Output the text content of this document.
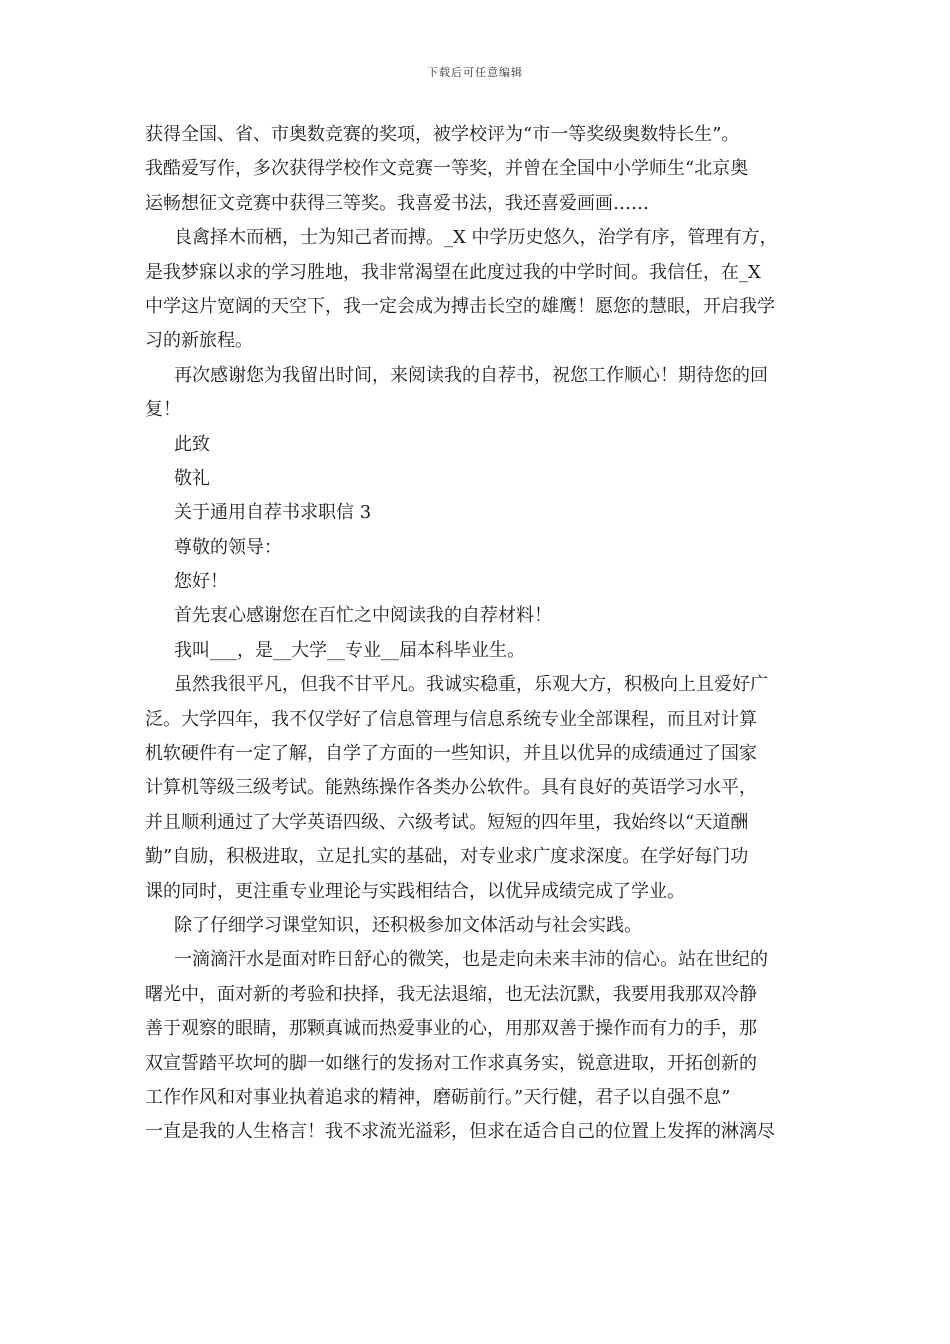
下载后可任意编辑
获得全国、省、市奥数竞赛的奖项，被学校评为“市一等奖级奥数特长生”。
我酷爱写作，多次获得学校作文竞赛一等奖，并曾在全国中小学师生“北京奥
运畅想征文竞赛中获得三等奖。我喜爱书法，我还喜爱画画……
良禽择木而栖，士为知己者而搏。_X 中学历史悠久，治学有序，管理有方，
是我梦寐以求的学习胜地，我非常渴望在此度过我的中学时间。我信任，在_X
中学这片宽阔的天空下，我一定会成为搏击长空的雄鹰！愿您的慧眼，开启我学
习的新旅程。
再次感谢您为我留出时间，来阅读我的自荐书，祝您工作顺心！期待您的回
复！
此致
敬礼
关于通用自荐书求职信 3
尊敬的领导：
您好！
首先衷心感谢您在百忙之中阅读我的自荐材料！
我叫___，是__大学__专业__届本科毕业生。
虽然我很平凡，但我不甘平凡。我诚实稳重，乐观大方，积极向上且爱好广
泛。大学四年，我不仅学好了信息管理与信息系统专业全部课程，而且对计算
机软硬件有一定了解，自学了方面的一些知识，并且以优异的成绩通过了国家
计算机等级三级考试。能熟练操作各类办公软件。具有良好的英语学习水平，
并且顺利通过了大学英语四级、六级考试。短短的四年里，我始终以“天道酬
勤”自励，积极进取，立足扎实的基础，对专业求广度求深度。在学好每门功
课的同时，更注重专业理论与实践相结合，以优异成绩完成了学业。
除了仔细学习课堂知识，还积极参加文体活动与社会实践。
一滴滴汗水是面对昨日舒心的微笑，也是走向未来丰沛的信心。站在世纪的
曙光中，面对新的考验和抉择，我无法退缩，也无法沉默，我要用我那双冷静
善于观察的眼睛，那颗真诚而热爱事业的心，用那双善于操作而有力的手，那
双宣誓踏平坎坷的脚一如继行的发扬对工作求真务实，锐意进取，开拓创新的
工作作风和对事业执着追求的精神，磨砺前行。”天行健，君子以自强不息”
一直是我的人生格言！我不求流光溢彩，但求在适合自己的位置上发挥的淋漓尽
